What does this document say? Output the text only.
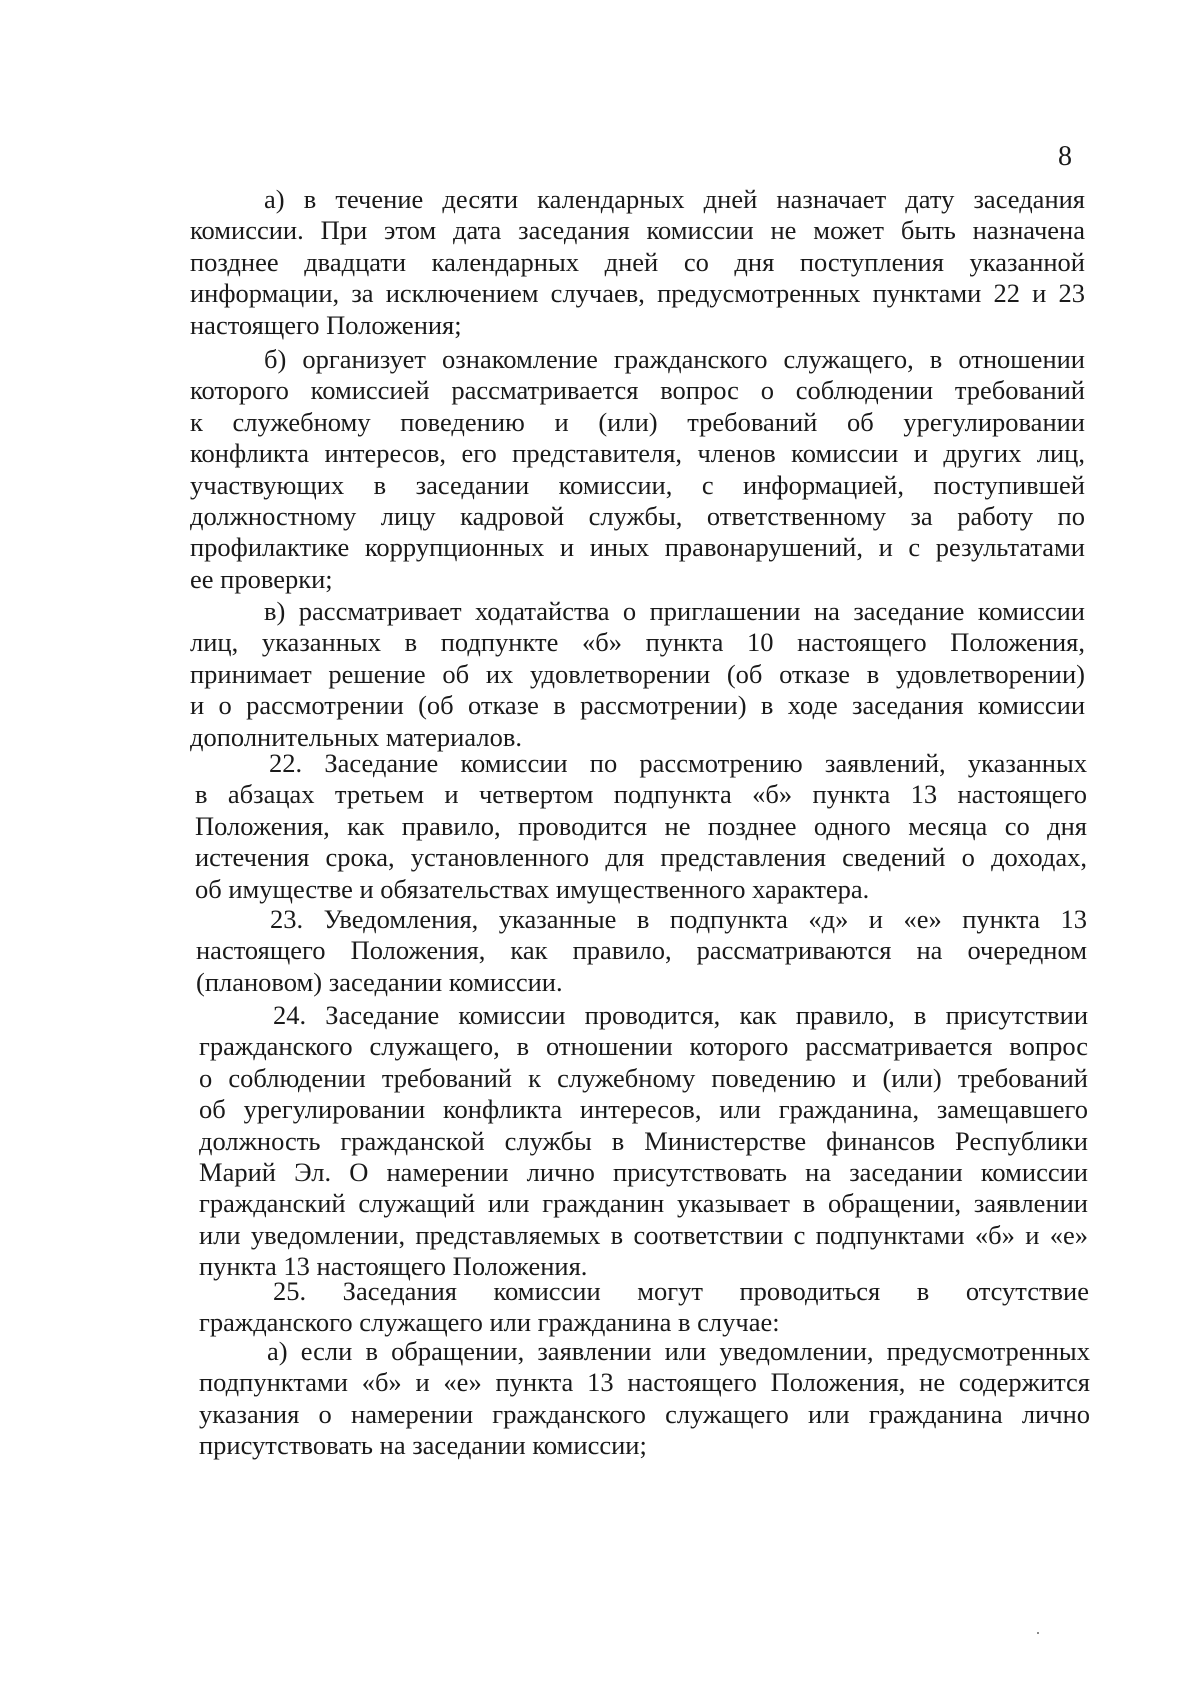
8
а) в течение десяти календарных дней назначает дату заседания
комиссии. При этом дата заседания комиссии не может быть назначена
позднее двадцати календарных дней со дня поступления указанной
информации, за исключением случаев, предусмотренных пунктами 22 и 23
настоящего Положения;
б) организует ознакомление гражданского служащего, в отношении
которого комиссией рассматривается вопрос о соблюдении требований
к служебному поведению и (или) требований об урегулировании
конфликта интересов, его представителя, членов комиссии и других лиц,
участвующих в заседании комиссии, с информацией, поступившей
должностному лицу кадровой службы, ответственному за работу по
профилактике коррупционных и иных правонарушений, и с результатами
ее проверки;
в) рассматривает ходатайства о приглашении на заседание комиссии
лиц, указанных в подпункте «б» пункта 10 настоящего Положения,
принимает решение об их удовлетворении (об отказе в удовлетворении)
и о рассмотрении (об отказе в рассмотрении) в ходе заседания комиссии
дополнительных материалов.
22. Заседание комиссии по рассмотрению заявлений, указанных
в абзацах третьем и четвертом подпункта «б» пункта 13 настоящего
Положения, как правило, проводится не позднее одного месяца со дня
истечения срока, установленного для представления сведений о доходах,
об имуществе и обязательствах имущественного характера.
23. Уведомления, указанные в подпункта «д» и «е» пункта 13
настоящего Положения, как правило, рассматриваются на очередном
(плановом) заседании комиссии.
24. Заседание комиссии проводится, как правило, в присутствии
гражданского служащего, в отношении которого рассматривается вопрос
о соблюдении требований к служебному поведению и (или) требований
об урегулировании конфликта интересов, или гражданина, замещавшего
должность гражданской службы в Министерстве финансов Республики
Марий Эл. О намерении лично присутствовать на заседании комиссии
гражданский служащий или гражданин указывает в обращении, заявлении
или уведомлении, представляемых в соответствии с подпунктами «б» и «е»
пункта 13 настоящего Положения.
25. Заседания комиссии могут проводиться в отсутствие
гражданского служащего или гражданина в случае:
а) если в обращении, заявлении или уведомлении, предусмотренных
подпунктами «б» и «е» пункта 13 настоящего Положения, не содержится
указания о намерении гражданского служащего или гражданина лично
присутствовать на заседании комиссии;
